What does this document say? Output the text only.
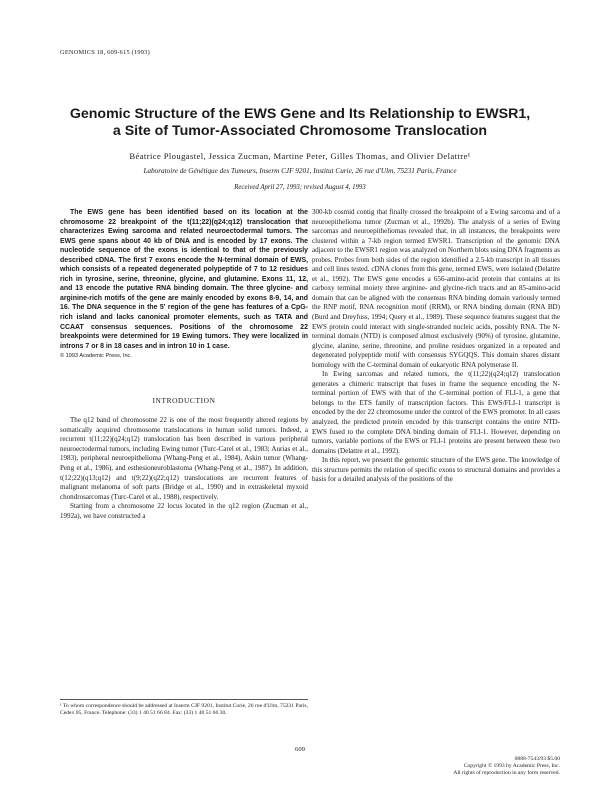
GENOMICS 18, 609-615 (1993)
Genomic Structure of the EWS Gene and Its Relationship to EWSR1,
a Site of Tumor-Associated Chromosome Translocation
Béatrice Plougastel, Jessica Zucman, Martine Peter, Gilles Thomas, and Olivier Delattre¹
Laboratoire de Génétique des Tumeurs, Inserm CJF 9201, Institut Curie, 26 rue d'Ulm, 75231 Paris, France
Received April 27, 1993; revised August 4, 1993

The EWS gene has been identified based on its location at the chromosome 22 breakpoint of the t(11;22)(q24;q12) translocation that characterizes Ewing sarcoma and related neuroectodermal tumors. The EWS gene spans about 40 kb of DNA and is encoded by 17 exons. The nucleotide sequence of the exons is identical to that of the previously described cDNA. The first 7 exons encode the N-terminal domain of EWS, which consists of a repeated degenerated polypeptide of 7 to 12 residues rich in tyrosine, serine, threonine, glycine, and glutamine. Exons 11, 12, and 13 encode the putative RNA binding domain. The three glycine- and arginine-rich motifs of the gene are mainly encoded by exons 8-9, 14, and 16. The DNA sequence in the 5' region of the gene has features of a CpG-rich island and lacks canonical promoter elements, such as TATA and CCAAT consensus sequences. Positions of the chromosome 22 breakpoints were determined for 19 Ewing tumors. They were localized in introns 7 or 8 in 18 cases and in intron 10 in 1 case.
© 1993 Academic Press, Inc.

INTRODUCTION

The q12 band of chromosome 22 is one of the most frequently altered regions by somatically acquired chromosome translocations in human solid tumors. Indeed, a recurrent t(11;22)(q24;q12) translocation has been described in various peripheral neuroectodermal tumors, including Ewing tumor (Turc-Carel et al., 1983; Aurias et al., 1983), peripheral neuroepithelioma (Whang-Peng et al., 1984), Askin tumor (Whang-Peng et al., 1986), and esthesioneuroblastoma (Whang-Peng et al., 1987). In addition, t(12;22)(q13;q12) and t(9;22)(q22;q12) translocations are recurrent features of malignant melanoma of soft parts (Bridge et al., 1990) and in extraskeletal myxoid chondrosarcomas (Turc-Carel et al., 1988), respectively.

Starting from a chromosome 22 locus located in the q12 region (Zucman et al., 1992a), we have constructed a

300-kb cosmid contig that finally crossed the breakpoint of a Ewing sarcoma and of a neuroepithelioma tumor (Zucman et al., 1992b). The analysis of a series of Ewing sarcomas and neuroepitheliomas revealed that, in all instances, the breakpoints were clustered within a 7-kb region termed EWSR1. Transcription of the genomic DNA adjacent to the EWSR1 region was analyzed on Northern blots using DNA fragments as probes. Probes from both sides of the region identified a 2.5-kb transcript in all tissues and cell lines tested. cDNA clones from this gene, termed EWS, were isolated (Delattre et al., 1992). The EWS gene encodes a 656-amino-acid protein that contains at its carboxy terminal moiety three arginine- and glycine-rich tracts and an 85-amino-acid domain that can be aligned with the consensus RNA binding domain variously termed the RNP motif, RNA recognition motif (RRM), or RNA binding domain (RNA BD) (Burd and Dreyfuss, 1994; Query et al., 1989). These sequence features suggest that the EWS protein could interact with single-stranded nucleic acids, possibly RNA. The N-terminal domain (NTD) is composed almost exclusively (90%) of tyrosine, glutamine, glycine, alanine, serine, threonine, and proline residues organized in a repeated and degenerated polypeptide motif with consensus SYGQQS. This domain shares distant homology with the C-terminal domain of eukaryotic RNA polymerase II.

In Ewing sarcomas and related tumors, the t(11;22)(q24;q12) translocation generates a chimeric transcript that fuses in frame the sequence encoding the N-terminal portion of EWS with that of the C-terminal portion of FLI-1, a gene that belongs to the ETS family of transcription factors. This EWS/FLI-1 transcript is encoded by the der 22 chromosome under the control of the EWS promoter. In all cases analyzed, the predicted protein encoded by this transcript contains the entire NTD-EWS fused to the complete DNA binding domain of FLI-1. However, depending on tumors, variable portions of the EWS or FLI-1 proteins are present between these two domains (Delattre et al., 1992).

In this report, we present the genomic structure of the EWS gene. The knowledge of this structure permits the relation of specific exons to structural domains and provides a basis for a detailed analysis of the positions of the

¹ To whom correspondence should be addressed at Inserm CJF 9201, Institut Curie, 26 rue d'Ulm, 75231 Paris, Cedex 05, France. Telephone: (33) 1 40 51 66 84. Fax: (33) 1 40 51 66 30.
609
0888-7543/93 $5.00
Copyright © 1993 by Academic Press, Inc.
All rights of reproduction in any form reserved.
